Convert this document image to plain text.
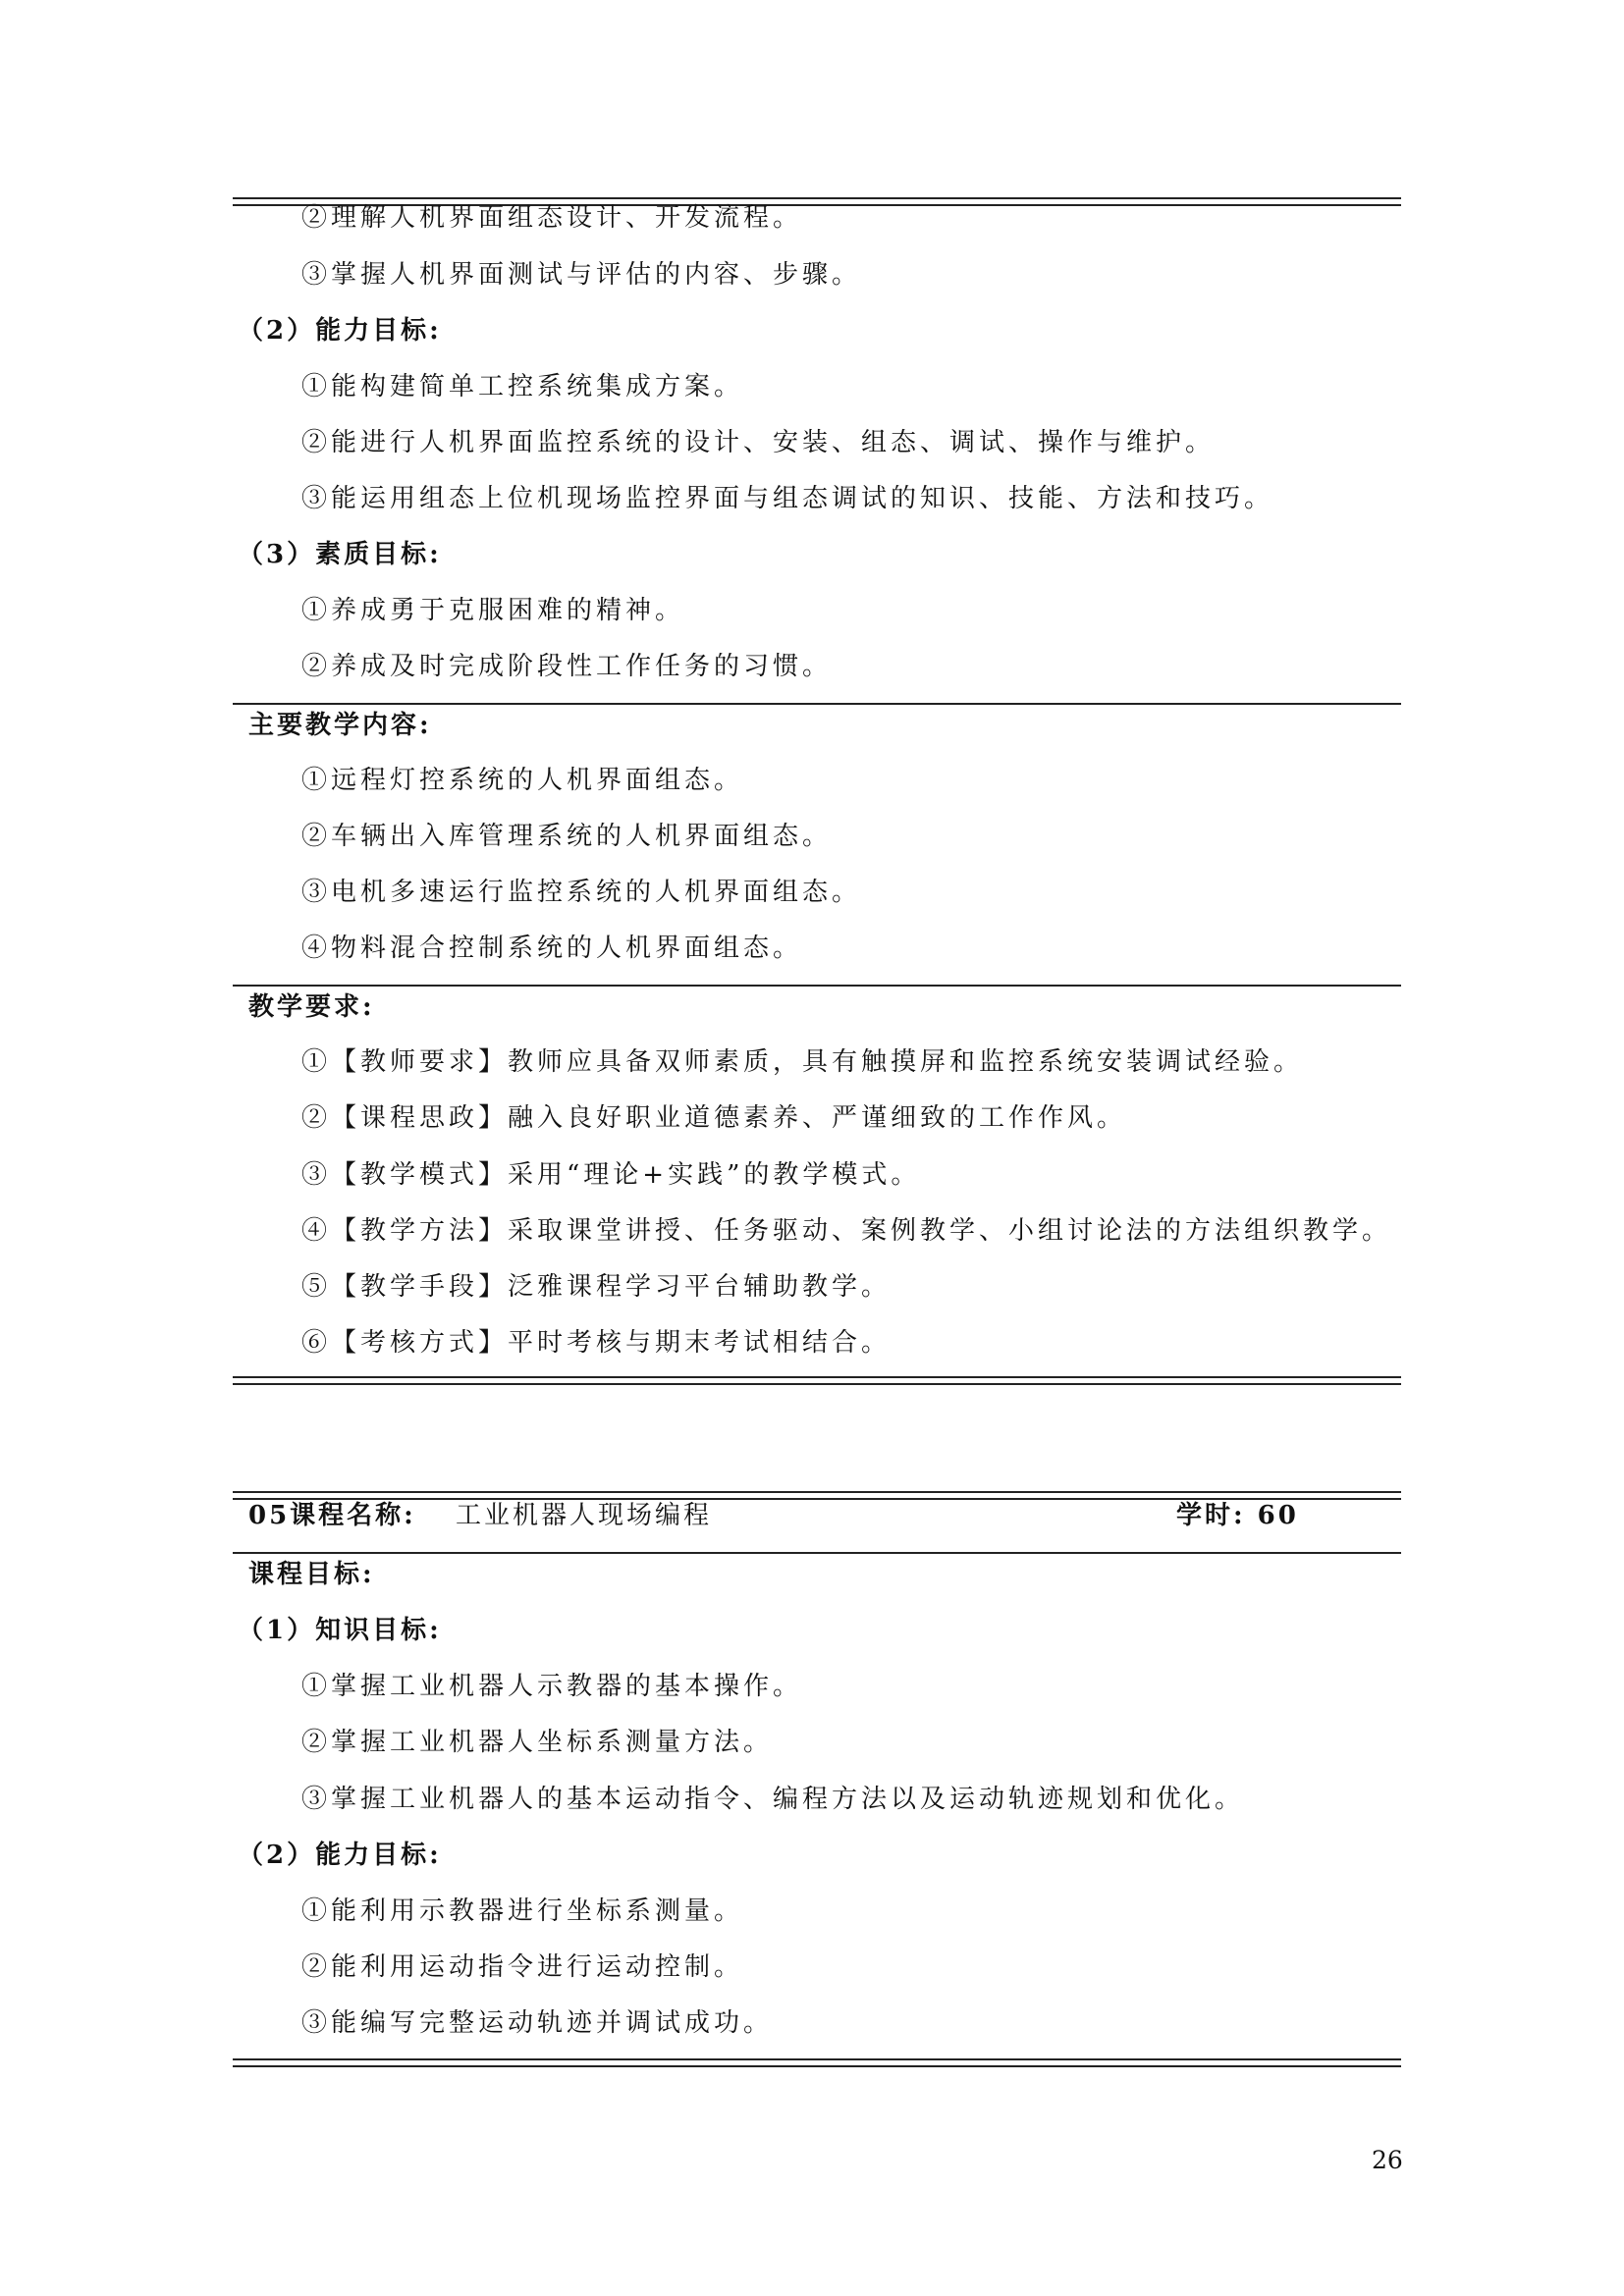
②理解人机界面组态设计、开发流程。
③掌握人机界面测试与评估的内容、步骤。
（2）能力目标:
①能构建简单工控系统集成方案。
②能进行人机界面监控系统的设计、安装、组态、调试、操作与维护。
③能运用组态上位机现场监控界面与组态调试的知识、技能、方法和技巧。
（3）素质目标:
①养成勇于克服困难的精神。
②养成及时完成阶段性工作任务的习惯。
主要教学内容:
①远程灯控系统的人机界面组态。
②车辆出入库管理系统的人机界面组态。
③电机多速运行监控系统的人机界面组态。
④物料混合控制系统的人机界面组态。
教学要求:
①【教师要求】教师应具备双师素质，具有触摸屏和监控系统安装调试经验。
②【课程思政】融入良好职业道德素养、严谨细致的工作作风。
③【教学模式】采用“理论+实践”的教学模式。
④【教学方法】采取课堂讲授、任务驱动、案例教学、小组讨论法的方法组织教学。
⑤【教学手段】泛雅课程学习平台辅助教学。
⑥【考核方式】平时考核与期末考试相结合。
05课程名称: 工业机器人现场编程	学时: 60
课程目标:
（1）知识目标:
①掌握工业机器人示教器的基本操作。
②掌握工业机器人坐标系测量方法。
③掌握工业机器人的基本运动指令、编程方法以及运动轨迹规划和优化。
（2）能力目标:
①能利用示教器进行坐标系测量。
②能利用运动指令进行运动控制。
③能编写完整运动轨迹并调试成功。
26
